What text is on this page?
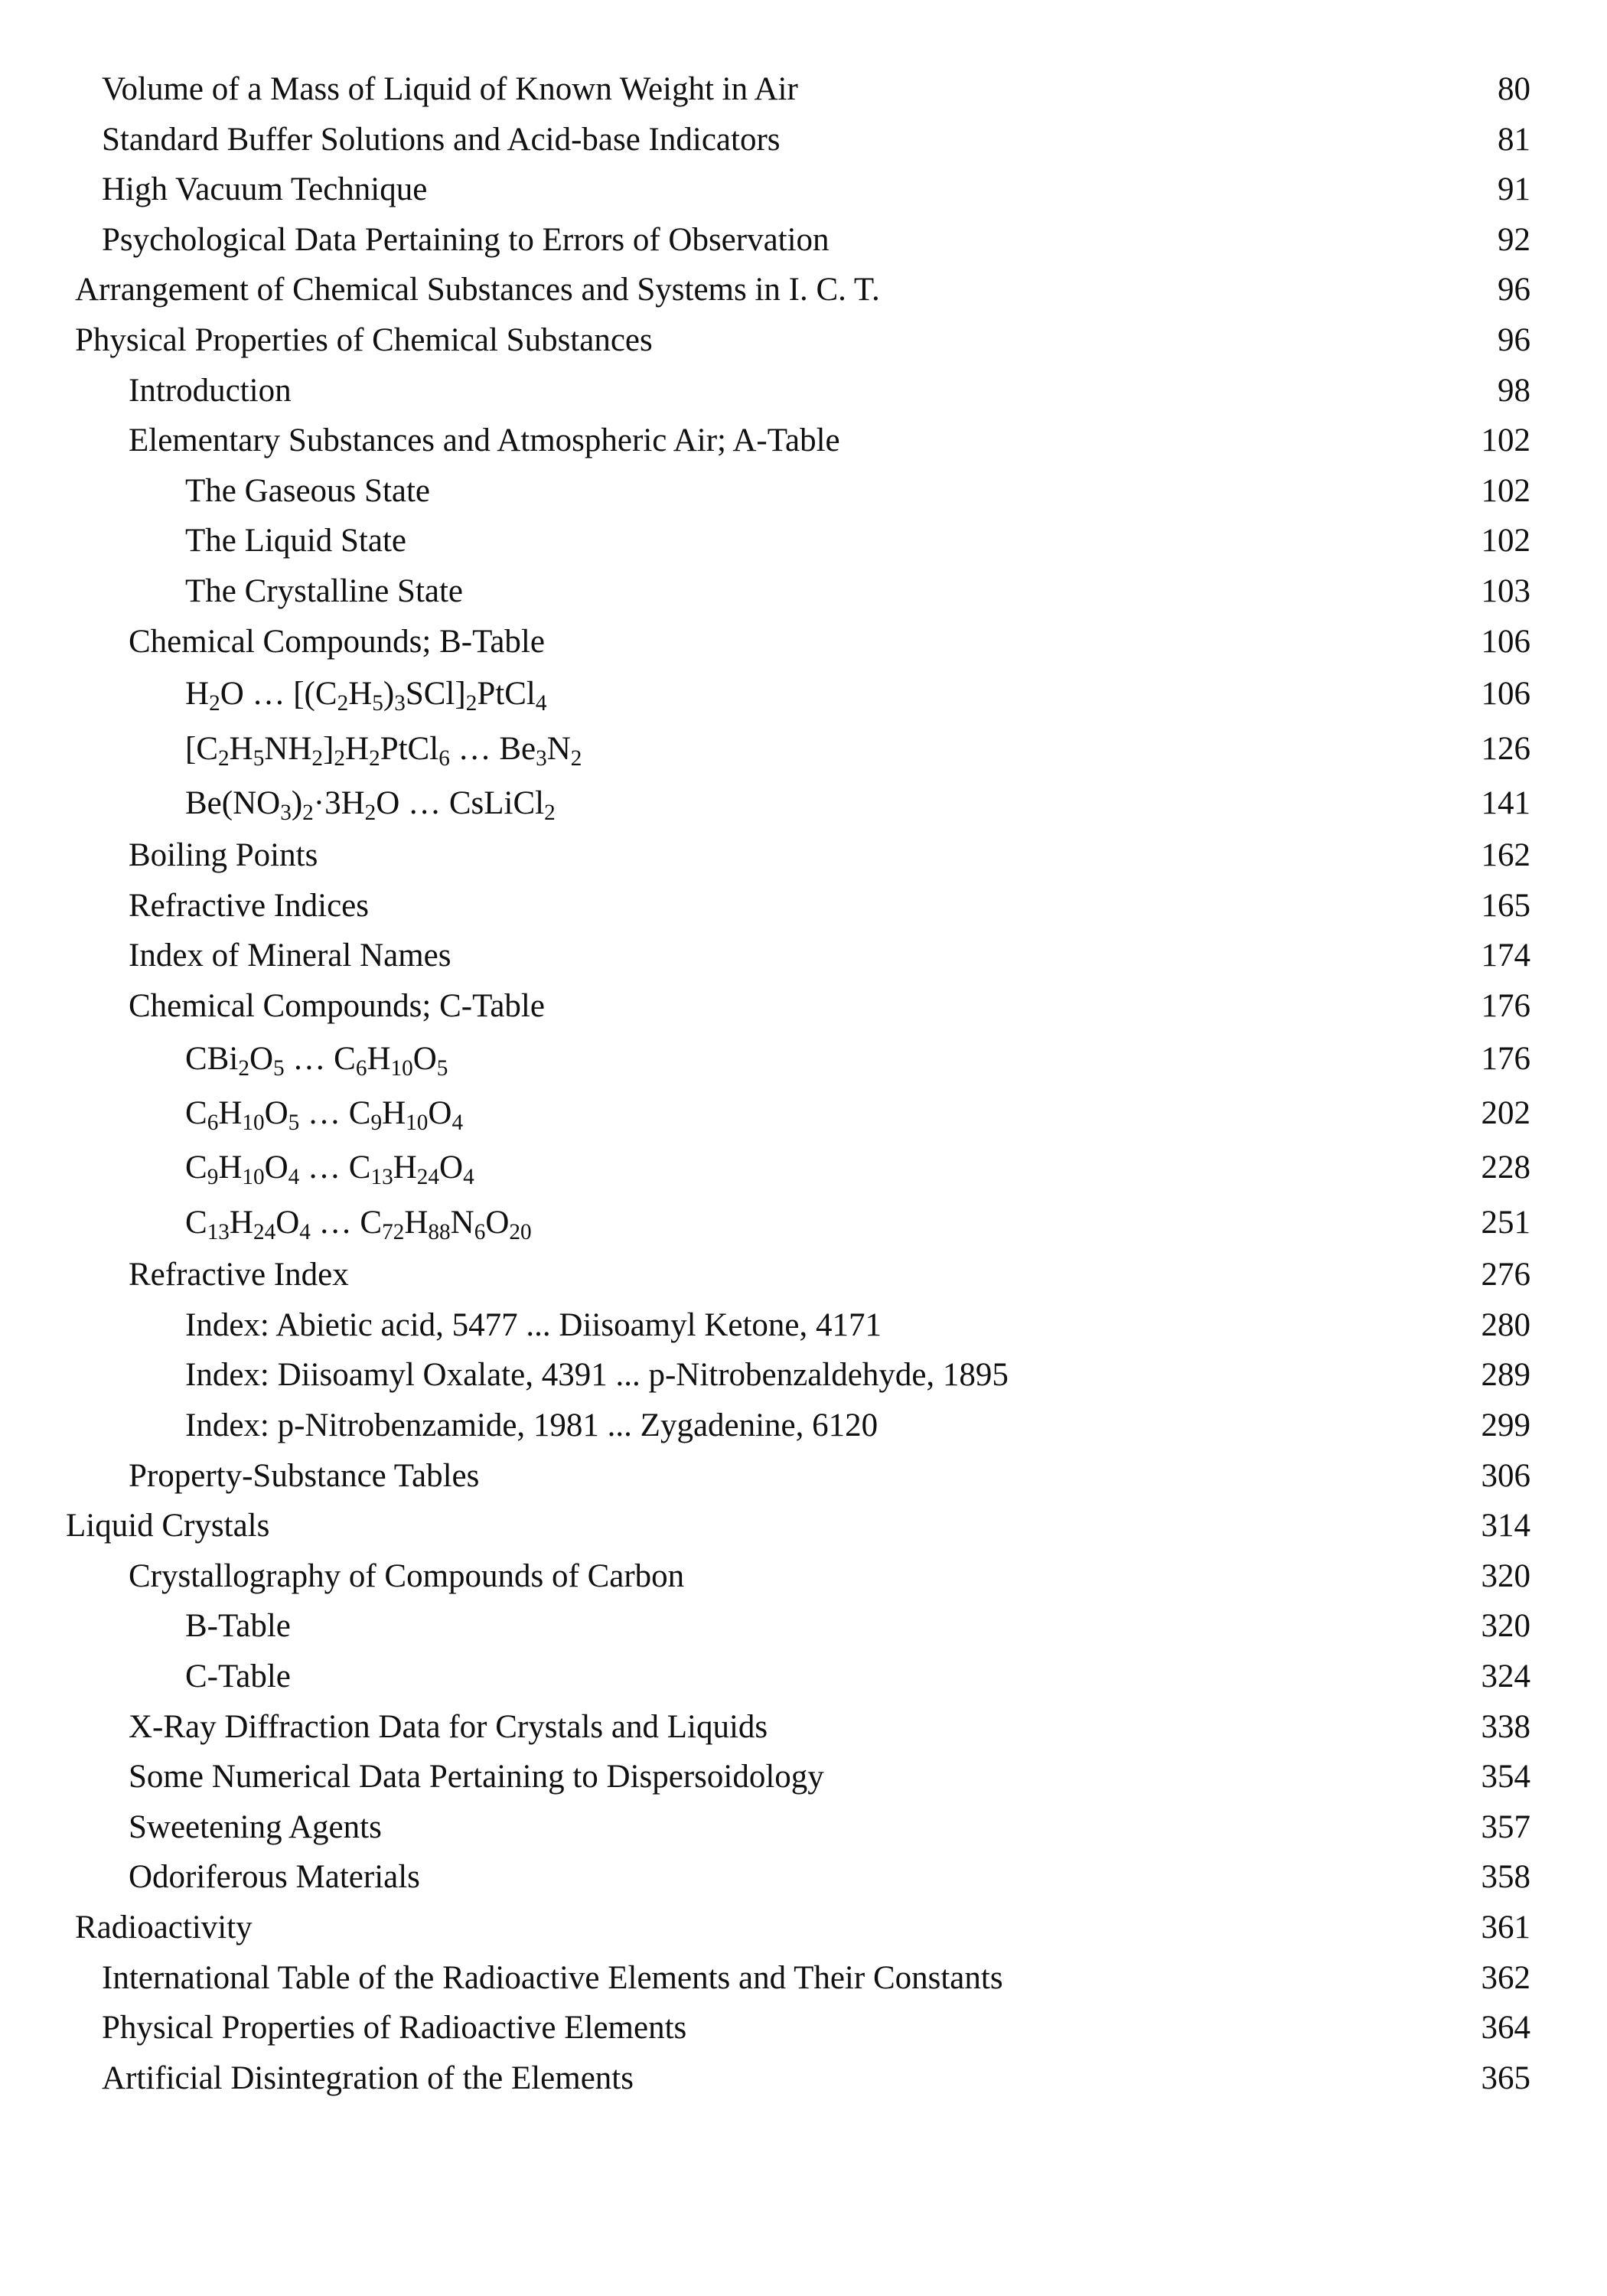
Volume of a Mass of Liquid of Known Weight in Air	80
Standard Buffer Solutions and Acid-base Indicators	81
High Vacuum Technique	91
Psychological Data Pertaining to Errors of Observation	92
Arrangement of Chemical Substances and Systems in I. C. T.	96
Physical Properties of Chemical Substances	96
Introduction	98
Elementary Substances and Atmospheric Air; A-Table	102
The Gaseous State	102
The Liquid State	102
The Crystalline State	103
Chemical Compounds; B-Table	106
$H_2O$ … $[(C_2H_5)_3SCl]_2PtCl_4$	106
$[C_2H_5NH_2]_2H_2PtCl_6$ … $Be_3N_2$	126
$Be(NO_3)_2\cdot 3H_2O$ … CsLiCl$_2$	141
Boiling Points	162
Refractive Indices	165
Index of Mineral Names	174
Chemical Compounds; C-Table	176
$CBi_2O_5$ … $C_6H_{10}O_5$	176
$C_6H_{10}O_5$ … $C_9H_{10}O_4$	202
$C_9H_{10}O_4$ … $C_{13}H_{24}O_4$	228
$C_{13}H_{24}O_4$ … $C_{72}H_{88}N_6O_{20}$	251
Refractive Index	276
Index: Abietic acid, 5477 ... Diisoamyl Ketone, 4171	280
Index: Diisoamyl Oxalate, 4391 ... p-Nitrobenzaldehyde, 1895	289
Index: p-Nitrobenzamide, 1981 ... Zygadenine, 6120	299
Property-Substance Tables	306
Liquid Crystals	314
Crystallography of Compounds of Carbon	320
B-Table	320
C-Table	324
X-Ray Diffraction Data for Crystals and Liquids	338
Some Numerical Data Pertaining to Dispersoidology	354
Sweetening Agents	357
Odoriferous Materials	358
Radioactivity	361
International Table of the Radioactive Elements and Their Constants	362
Physical Properties of Radioactive Elements	364
Artificial Disintegration of the Elements	365
